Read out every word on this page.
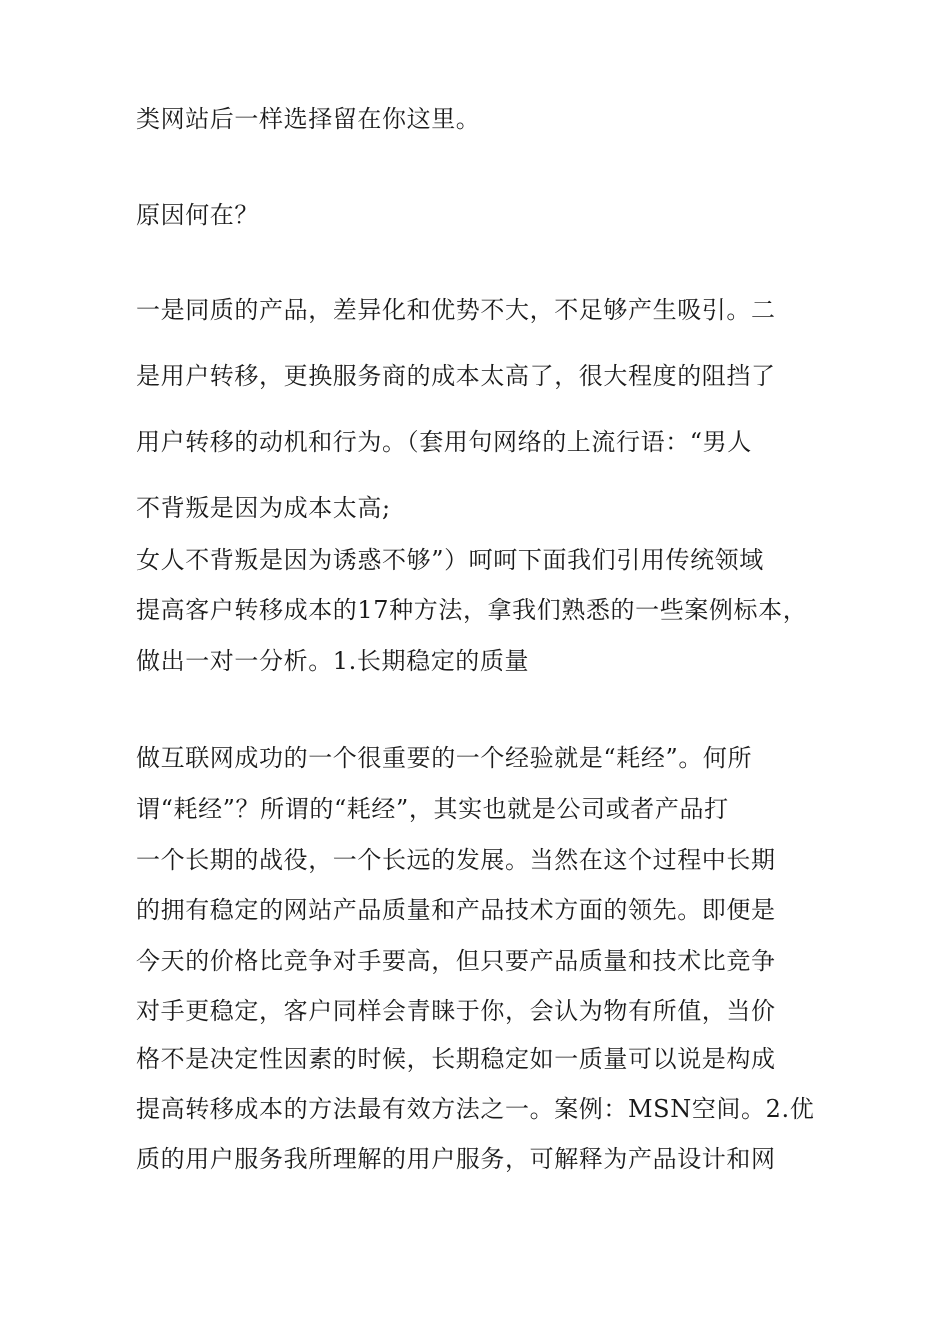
类网站后一样选择留在你这里。
原因何在？
一是同质的产品，差异化和优势不大，不足够产生吸引。二
是用户转移，更换服务商的成本太高了，很大程度的阻挡了
用户转移的动机和行为。（套用句网络的上流行语：“男人
不背叛是因为成本太高;
女人不背叛是因为诱惑不够”）呵呵下面我们引用传统领域
提高客户转移成本的17种方法，拿我们熟悉的一些案例标本，
做出一对一分析。1.长期稳定的质量
做互联网成功的一个很重要的一个经验就是“耗经”。何所
谓“耗经”？所谓的“耗经”，其实也就是公司或者产品打
一个长期的战役，一个长远的发展。当然在这个过程中长期
的拥有稳定的网站产品质量和产品技术方面的领先。即便是
今天的价格比竞争对手要高，但只要产品质量和技术比竞争
对手更稳定，客户同样会青睐于你，会认为物有所值，当价
格不是决定性因素的时候，长期稳定如一质量可以说是构成
提高转移成本的方法最有效方法之一。案例：MSN空间。2.优
质的用户服务我所理解的用户服务，可解释为产品设计和网
